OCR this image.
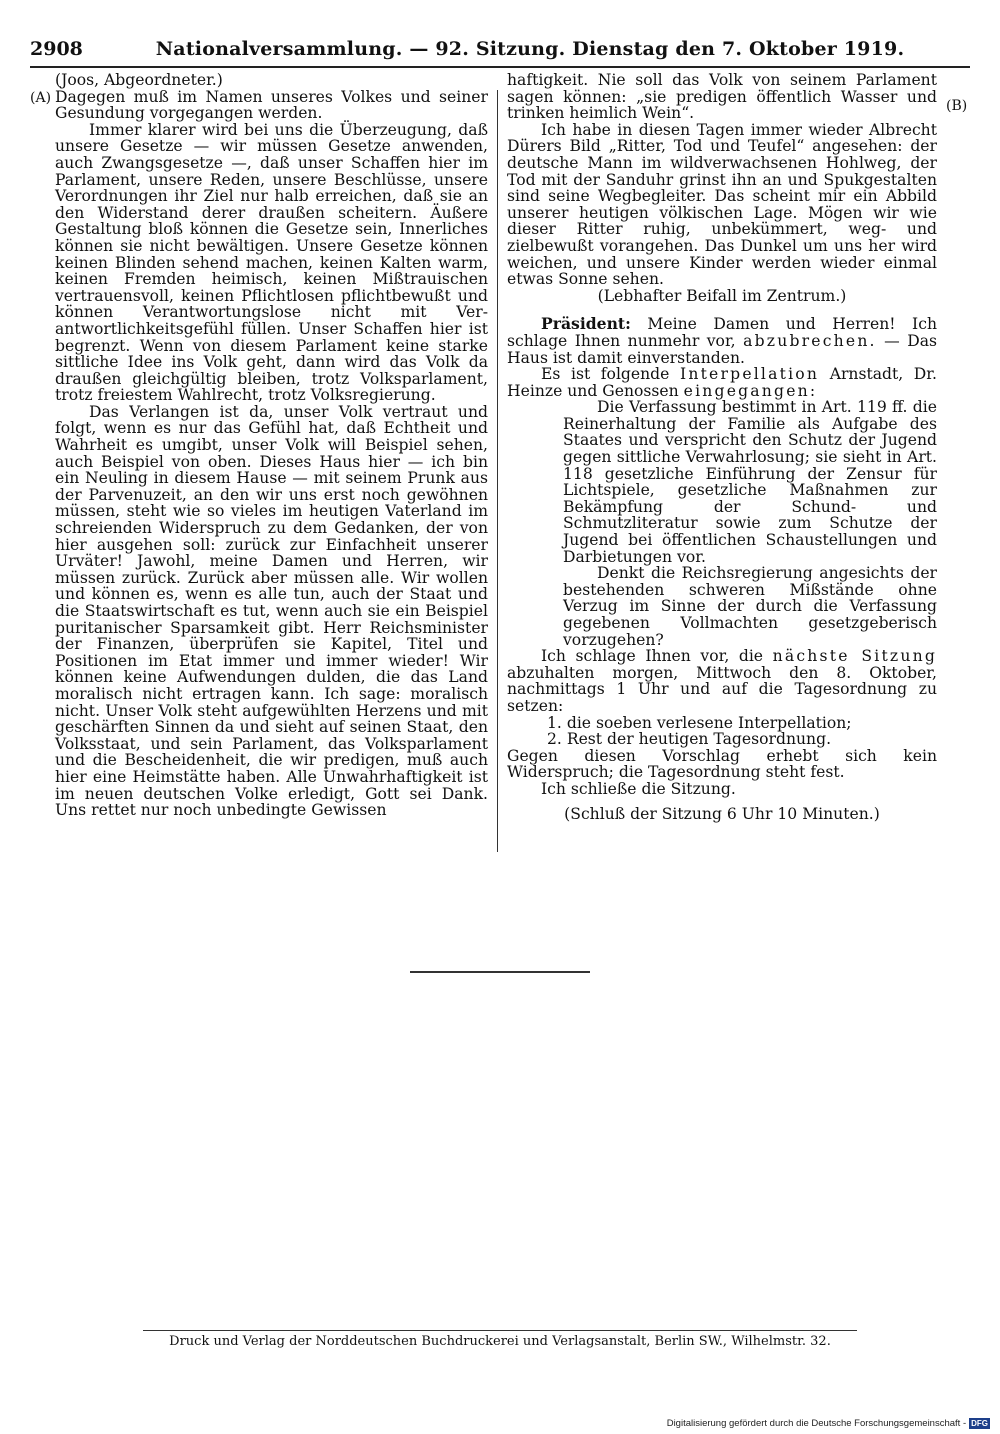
2908	Nationalversammlung. — 92. Sitzung. Dienstag den 7. Oktober 1919.
(A)	(B)

(Joos, Abgeordneter.)

Dagegen muß im Namen unseres Volkes und seiner Gesundung vorgegangen werden.

Immer klarer wird bei uns die Überzeugung, daß unsere Gesetze — wir müssen Gesetze anwenden, auch Zwangsgesetze —, daß unser Schaffen hier im Parlament, unsere Reden, unsere Beschlüsse, unsere Verordnungen ihr Ziel nur halb erreichen, daß sie an den Widerstand derer draußen scheitern. Äußere Gestaltung bloß können die Gesetze sein, Innerliches können sie nicht bewältigen. Unsere Gesetze können keinen Blinden sehend machen, keinen Kalten warm, keinen Fremden heimisch, keinen Mißtrauischen vertrauensvoll, keinen Pflichtlosen pflichtbewußt und können Verantwortungslose nicht mit Verantwortlichkeitsgefühl füllen. Unser Schaffen hier ist begrenzt. Wenn von diesem Parlament keine starke sittliche Idee ins Volk geht, dann wird das Volk da draußen gleichgültig bleiben, trotz Volksparlament, trotz freiestem Wahlrecht, trotz Volksregierung.

Das Verlangen ist da, unser Volk vertraut und folgt, wenn es nur das Gefühl hat, daß Echtheit und Wahrheit es umgibt, unser Volk will Beispiel sehen, auch Beispiel von oben. Dieses Haus hier — ich bin ein Neuling in diesem Hause — mit seinem Prunk aus der Parvenuzeit, an den wir uns erst noch gewöhnen müssen, steht wie so vieles im heutigen Vaterland im schreienden Widerspruch zu dem Gedanken, der von hier ausgehen soll: zurück zur Einfachheit unserer Urväter! Jawohl, meine Damen und Herren, wir müssen zurück. Zurück aber müssen alle. Wir wollen und können es, wenn es alle tun, auch der Staat und die Staatswirtschaft es tut, wenn auch sie ein Beispiel puritanischer Sparsamkeit gibt. Herr Reichsminister der Finanzen, überprüfen sie Kapitel, Titel und Positionen im Etat immer und immer wieder! Wir können keine Aufwendungen dulden, die das Land moralisch nicht ertragen kann. Ich sage: moralisch nicht. Unser Volk steht aufgewühlten Herzens und mit geschärften Sinnen da und sieht auf seinen Staat, den Volksstaat, und sein Parlament, das Volksparlament und die Bescheidenheit, die wir predigen, muß auch hier eine Heimstätte haben. Alle Unwahrhaftigkeit ist im neuen deutschen Volke erledigt, Gott sei Dank. Uns rettet nur noch unbedingte Gewissen

haftigkeit. Nie soll das Volk von seinem Parlament sagen können: „sie predigen öffentlich Wasser und trinken heimlich Wein“.

Ich habe in diesen Tagen immer wieder Albrecht Dürers Bild „Ritter, Tod und Teufel“ angesehen: der deutsche Mann im wildverwachsenen Hohlweg, der Tod mit der Sanduhr grinst ihn an und Spukgestalten sind seine Wegbegleiter. Das scheint mir ein Abbild unserer heutigen völkischen Lage. Mögen wir wie dieser Ritter ruhig, unbekümmert, weg- und zielbewußt vorangehen. Das Dunkel um uns her wird weichen, und unsere Kinder werden wieder einmal etwas Sonne sehen.

(Lebhafter Beifall im Zentrum.)

Präsident: Meine Damen und Herren! Ich schlage Ihnen nunmehr vor, abzubrechen. — Das Haus ist damit einverstanden.

Es ist folgende Interpellation Arnstadt, Dr. Heinze und Genossen eingegangen:

Die Verfassung bestimmt in Art. 119 ff. die Reinerhaltung der Familie als Aufgabe des Staates und verspricht den Schutz der Jugend gegen sittliche Verwahrlosung; sie sieht in Art. 118 gesetzliche Einführung der Zensur für Lichtspiele, gesetzliche Maßnahmen zur Bekämpfung der Schund- und Schmutzliteratur sowie zum Schutze der Jugend bei öffentlichen Schaustellungen und Darbietungen vor.

Denkt die Reichsregierung angesichts der bestehenden schweren Mißstände ohne Verzug im Sinne der durch die Verfassung gegebenen Vollmachten gesetzgeberisch vorzugehen?

Ich schlage Ihnen vor, die nächste Sitzung abzuhalten morgen, Mittwoch den 8. Oktober, nachmittags 1 Uhr und auf die Tagesordnung zu setzen:

1. die soeben verlesene Interpellation;

2. Rest der heutigen Tagesordnung.

Gegen diesen Vorschlag erhebt sich kein Widerspruch; die Tagesordnung steht fest.

Ich schließe die Sitzung.

(Schluß der Sitzung 6 Uhr 10 Minuten.)

Druck und Verlag der Norddeutschen Buchdruckerei und Verlagsanstalt, Berlin SW., Wilhelmstr. 32.
Digitalisierung gefördert durch die Deutsche Forschungsgemeinschaft - DFG
